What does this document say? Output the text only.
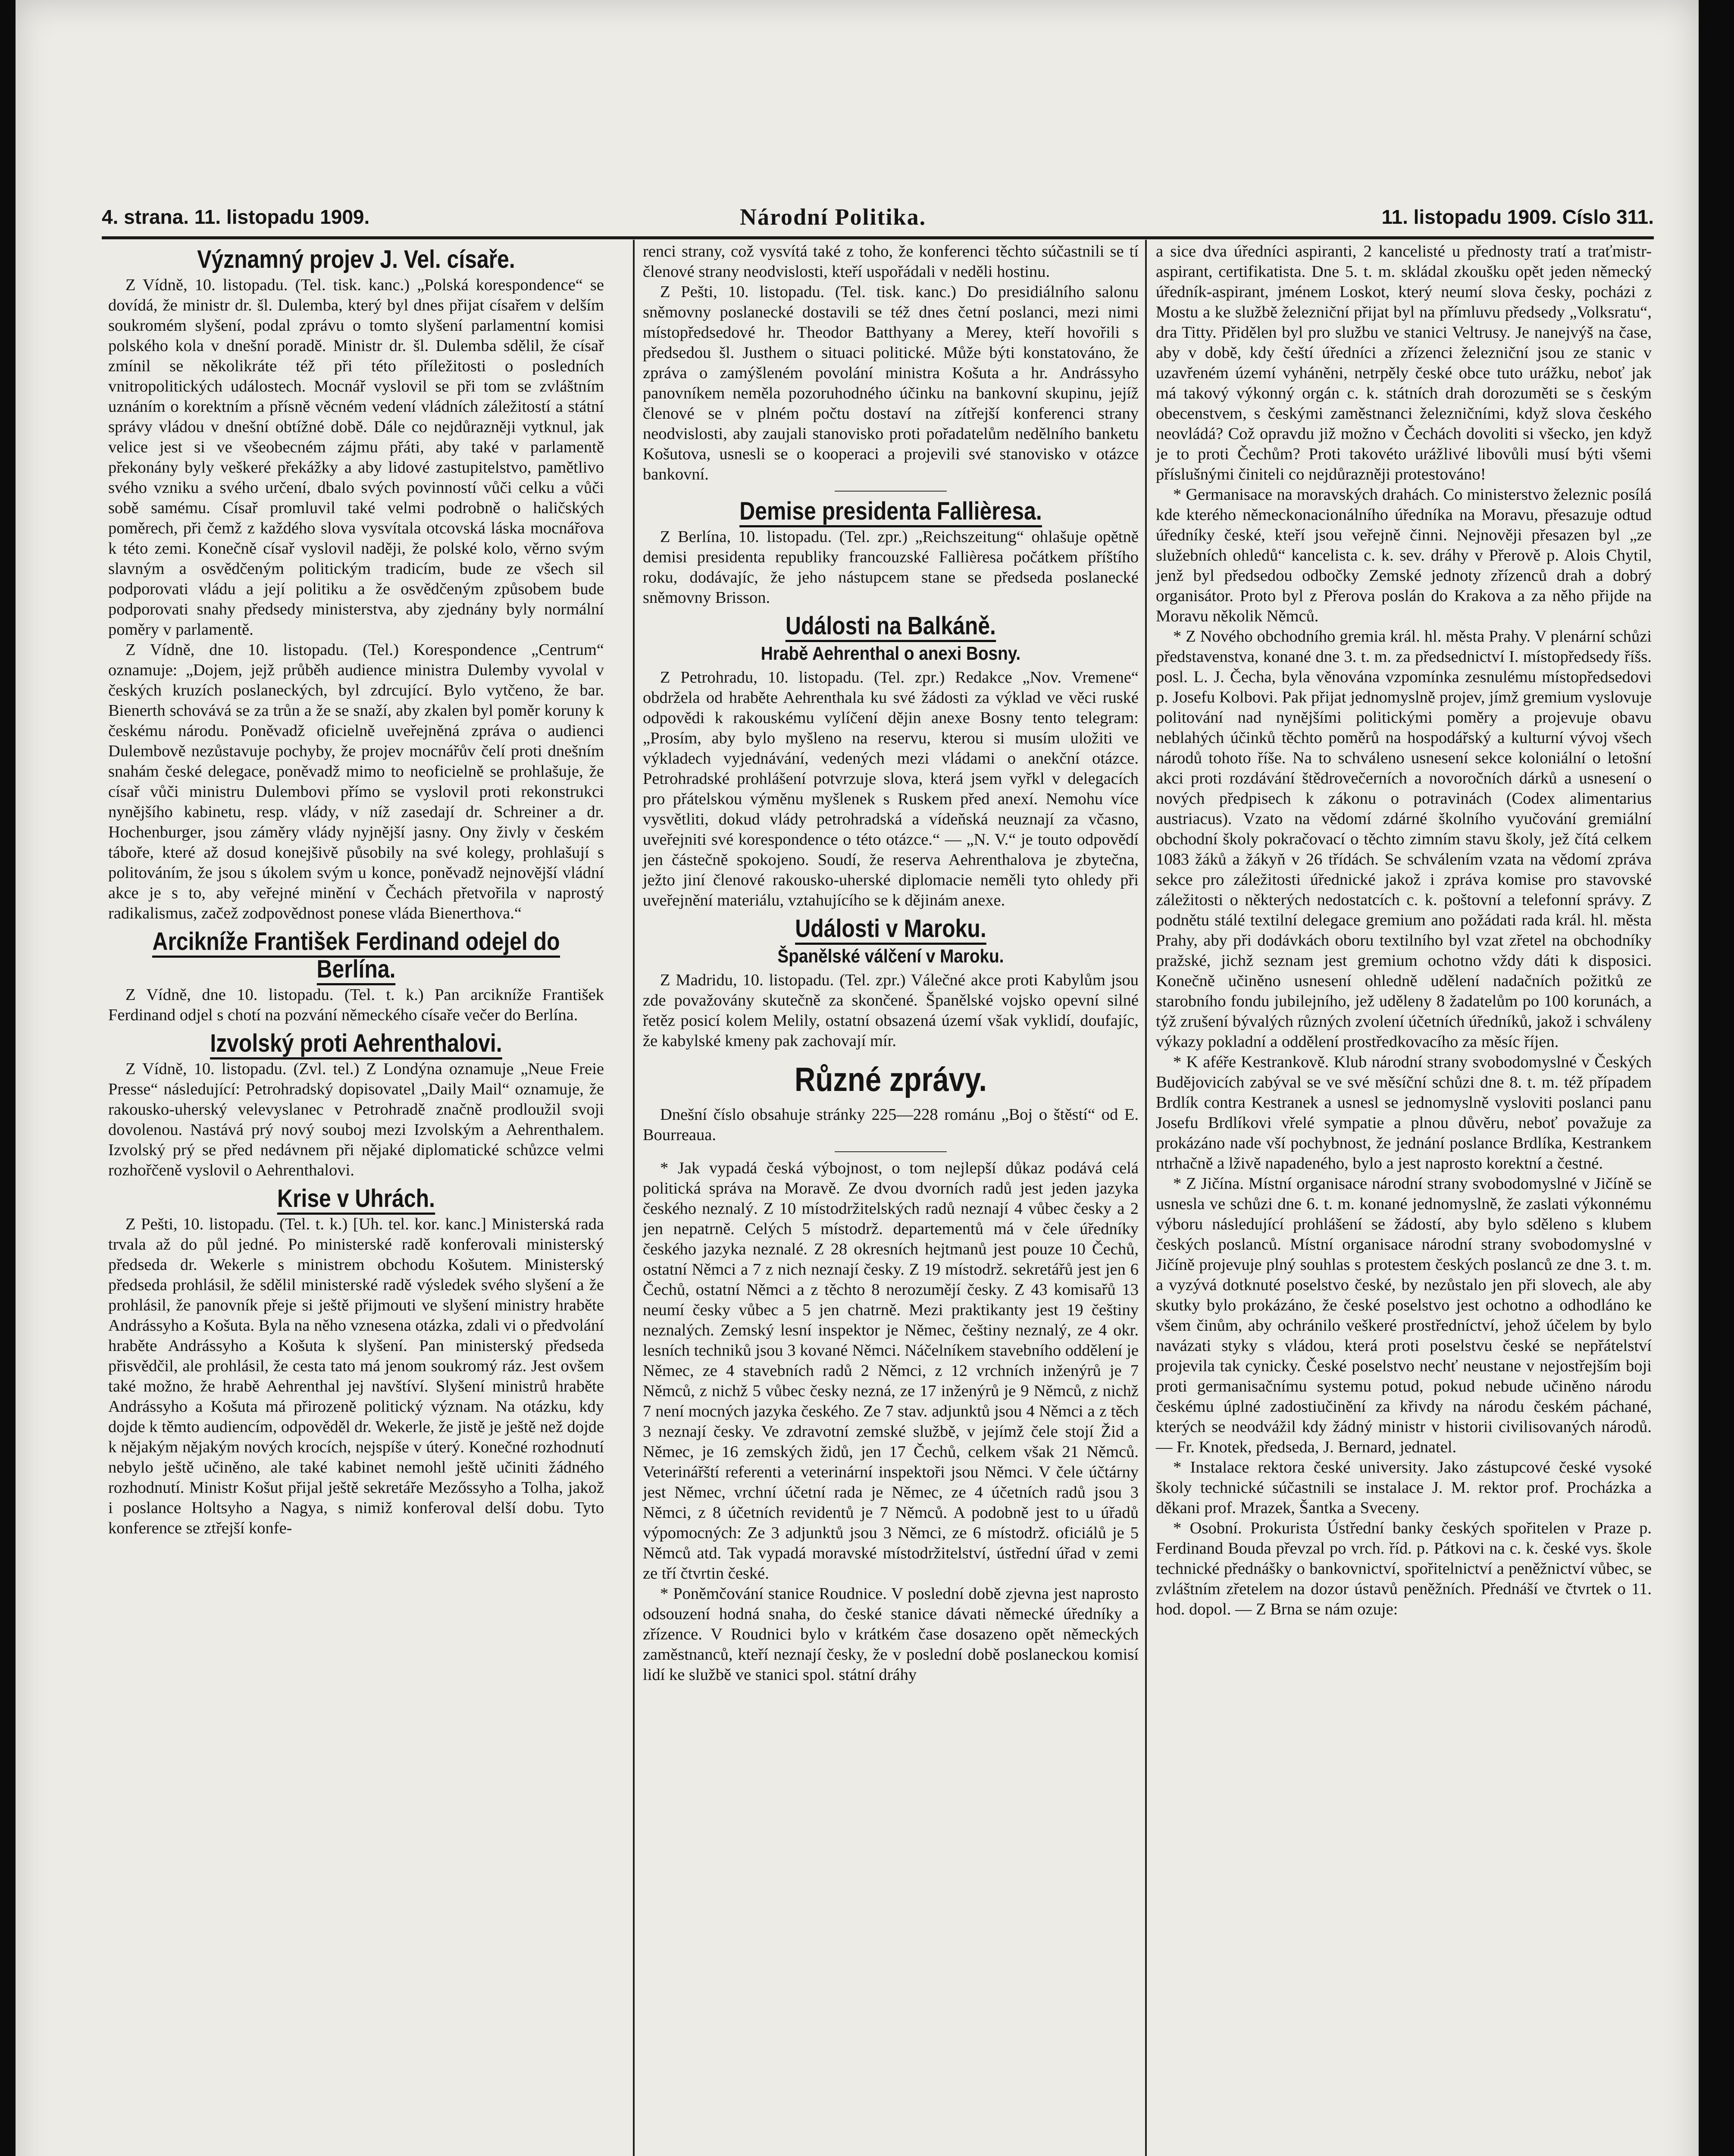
4. strana. 11. listopadu 1909.	Národní Politika.	11. listopadu 1909. Císlo 311.
Významný projev J. Vel. císaře.

Z Vídně, 10. listopadu. (Tel. tisk. kanc.) „Polská korespondence“ se dovídá, že ministr dr. šl. Dulemba, který byl dnes přijat císařem v delším soukromém slyšení, podal zprávu o tomto slyšení parlamentní komisi polského kola v dnešní poradě. Ministr dr. šl. Dulemba sdělil, že císař zmínil se několikráte též při této příležitosti o posledních vnitropolitických událostech. Mocnář vyslovil se při tom se zvláštním uznáním o korektním a přísně věcném vedení vládních záležitostí a státní správy vládou v dnešní obtížné době. Dále co nejdůrazněji vytknul, jak velice jest si ve všeobecném zájmu přáti, aby také v parlamentě překonány byly veškeré překážky a aby lidové zastupitelstvo, pamětlivo svého vzniku a svého určení, dbalo svých povinností vůči celku a vůči sobě samému. Císař promluvil také velmi podrobně o haličských poměrech, při čemž z každého slova vysvítala otcovská láska mocnářova k této zemi. Konečně císař vyslovil naději, že polské kolo, věrno svým slavným a osvědčeným politickým tradicím, bude ze všech sil podporovati vládu a její politiku a že osvědčeným způsobem bude podporovati snahy předsedy ministerstva, aby zjednány byly normální poměry v parlamentě.

Z Vídně, dne 10. listopadu. (Tel.) Korespondence „Centrum“ oznamuje: „Dojem, jejž průběh audience ministra Dulemby vyvolal v českých kruzích poslaneckých, byl zdrcující. Bylo vytčeno, že bar. Bienerth schovává se za trůn a že se snaží, aby zkalen byl poměr koruny k českému národu. Poněvadž oficielně uveřejněná zpráva o audienci Dulembově nezůstavuje pochyby, že projev mocnářův čelí proti dnešním snahám české delegace, poněvadž mimo to neoficielně se prohlašuje, že císař vůči ministru Dulembovi přímo se vyslovil proti rekonstrukci nynějšího kabinetu, resp. vlády, v níž zasedají dr. Schreiner a dr. Hochenburger, jsou záměry vlády nyjnější jasny. Ony živly v českém táboře, které až dosud konejšivě působily na své kolegy, prohlašují s politováním, že jsou s úkolem svým u konce, poněvadž nejnovější vládní akce je s to, aby veřejné minění v Čechách přetvořila v naprostý radikalismus, začež zodpovědnost ponese vláda Bienerthova.“

Arcikníže František Ferdinand odejel do Berlína.

Z Vídně, dne 10. listopadu. (Tel. t. k.) Pan arcikníže František Ferdinand odjel s chotí na pozvání německého císaře večer do Berlína.

Izvolský proti Aehrenthalovi.

Z Vídně, 10. listopadu. (Zvl. tel.) Z Londýna oznamuje „Neue Freie Presse“ následující: Petrohradský dopisovatel „Daily Mail“ oznamuje, že rakousko-uherský velevyslanec v Petrohradě značně prodloužil svoji dovolenou. Nastává prý nový souboj mezi Izvolským a Aehrenthalem. Izvolský prý se před nedávnem při nějaké diplomatické schůzce velmi rozhořčeně vyslovil o Aehrenthalovi.

Krise v Uhrách.

Z Pešti, 10. listopadu. (Tel. t. k.) [Uh. tel. kor. kanc.] Ministerská rada trvala až do půl jedné. Po ministerské radě konferovali ministerský předseda dr. Wekerle s ministrem obchodu Košutem. Ministerský předseda prohlásil, že sdělil ministerské radě výsledek svého slyšení a že prohlásil, že panovník přeje si ještě přijmouti ve slyšení ministry hraběte Andrássyho a Košuta. Byla na něho vznesena otázka, zdali vi o předvolání hraběte Andrássyho a Košuta k slyšení. Pan ministerský předseda přisvědčil, ale prohlásil, že cesta tato má jenom soukromý ráz. Jest ovšem také možno, že hrabě Aehrenthal jej navštíví. Slyšení ministrů hraběte Andrássyho a Košuta má přirozeně politický význam. Na otázku, kdy dojde k těmto audiencím, odpověděl dr. Wekerle, že jistě je ještě než dojde k nějakým nějakým nových krocích, nejspíše v úterý. Konečné rozhodnutí nebylo ještě učiněno, ale také kabinet nemohl ještě učiniti žádného rozhodnutí. Ministr Košut přijal ještě sekretáře Mezőssyho a Tolha, jakož i poslance Holtsyho a Nagya, s nimiž konferoval delší dobu. Tyto konference se ztřejší konfe-

renci strany, což vysvítá také z toho, že konferenci těchto súčastnili se tí členové strany neodvislosti, kteří uspořádali v neděli hostinu.

Z Pešti, 10. listopadu. (Tel. tisk. kanc.) Do presidiálního salonu sněmovny poslanecké dostavili se též dnes četní poslanci, mezi nimi místopředsedové hr. Theodor Batthyany a Merey, kteří hovořili s předsedou šl. Justhem o situaci politické. Může býti konstatováno, že zpráva o zamýšleném povolání ministra Košuta a hr. Andrássyho panovníkem neměla pozoruhodného účinku na bankovní skupinu, jejíž členové se v plném počtu dostaví na zítřejší konferenci strany neodvislosti, aby zaujali stanovisko proti pořadatelům nedělního banketu Košutova, usnesli se o kooperaci a projevili své stanovisko v otázce bankovní.

Demise presidenta Fallièresa.

Z Berlína, 10. listopadu. (Tel. zpr.) „Reichszeitung“ ohlašuje opětně demisi presidenta republiky francouzské Fallièresa počátkem příštího roku, dodávajíc, že jeho nástupcem stane se předseda poslanecké sněmovny Brisson.

Události na Balkáně.
Hrabě Aehrenthal o anexi Bosny.

Z Petrohradu, 10. listopadu. (Tel. zpr.) Redakce „Nov. Vremene“ obdržela od hraběte Aehrenthala ku své žádosti za výklad ve věci ruské odpovědi k rakouskému vylíčení dějin anexe Bosny tento telegram: „Prosím, aby bylo myšleno na reservu, kterou si musím uložiti ve výkladech vyjednávání, vedených mezi vládami o anekční otázce. Petrohradské prohlášení potvrzuje slova, která jsem vyřkl v delegacích pro přátelskou výměnu myšlenek s Ruskem před anexí. Nemohu více vysvětliti, dokud vlády petrohradská a vídeňská neuznají za včasno, uveřejniti své korespondence o této otázce.“ — „N. V.“ je touto odpovědí jen částečně spokojeno. Soudí, že reserva Aehrenthalova je zbytečna, ježto jiní členové rakousko-uherské diplomacie neměli tyto ohledy při uveřejnění materiálu, vztahujícího se k dějinám anexe.

Události v Maroku.
Španělské válčení v Maroku.

Z Madridu, 10. listopadu. (Tel. zpr.) Válečné akce proti Kabylům jsou zde považovány skutečně za skončené. Španělské vojsko opevní silné řetěz posicí kolem Melily, ostatní obsazená území však vyklidí, doufajíc, že kabylské kmeny pak zachovají mír.

Různé zprávy.

Dnešní číslo obsahuje stránky 225—228 románu „Boj o štěstí“ od E. Bourreaua.

* Jak vypadá česká výbojnost, o tom nejlepší důkaz podává celá politická správa na Moravě. Ze dvou dvorních radů jest jeden jazyka českého neznalý. Z 10 místodržitelských radů neznají 4 vůbec česky a 2 jen nepatrně. Celých 5 místodrž. departementů má v čele úředníky českého jazyka neznalé. Z 28 okresních hejtmanů jest pouze 10 Čechů, ostatní Němci a 7 z nich neznají česky. Z 19 místodrž. sekretářů jest jen 6 Čechů, ostatní Němci a z těchto 8 nerozumějí česky. Z 43 komisařů 13 neumí česky vůbec a 5 jen chatrně. Mezi praktikanty jest 19 češtiny neznalých. Zemský lesní inspektor je Němec, češtiny neznalý, ze 4 okr. lesních techniků jsou 3 kované Němci. Náčelníkem stavebního oddělení je Němec, ze 4 stavebních radů 2 Němci, z 12 vrchních inženýrů je 7 Němců, z nichž 5 vůbec česky nezná, ze 17 inženýrů je 9 Němců, z nichž 7 není mocných jazyka českého. Ze 7 stav. adjunktů jsou 4 Němci a z těch 3 neznají česky. Ve zdravotní zemské službě, v jejímž čele stojí Žid a Němec, je 16 zemských židů, jen 17 Čechů, celkem však 21 Němců. Veterinářští referenti a veterinární inspektoři jsou Němci. V čele účtárny jest Němec, vrchní účetní rada je Němec, ze 4 účetních radů jsou 3 Němci, z 8 účetních revidentů je 7 Němců. A podobně jest to u úřadů výpomocných: Ze 3 adjunktů jsou 3 Němci, ze 6 místodrž. oficiálů je 5 Němců atd. Tak vypadá moravské místodržitelství, ústřední úřad v zemi ze tří čtvrtin české.

* Poněmčování stanice Roudnice. V poslední době zjevna jest naprosto odsouzení hodná snaha, do české stanice dávati německé úředníky a zřízence. V Roudnici bylo v krátkém čase dosazeno opět německých zaměstnanců, kteří neznají česky, že v poslední době poslaneckou komisí lidí ke službě ve stanici spol. státní dráhy

a sice dva úředníci aspiranti, 2 kancelisté u přednosty tratí a traťmistr-aspirant, certifikatista. Dne 5. t. m. skládal zkoušku opět jeden německý úředník-aspirant, jménem Loskot, který neumí slova česky, pocházi z Mostu a ke službě železniční přijat byl na přímluvu předsedy „Volksratu“, dra Titty. Přidělen byl pro službu ve stanici Veltrusy. Je nanejvýš na čase, aby v době, kdy čeští úředníci a zřízenci železniční jsou ze stanic v uzavřeném území vyháněni, netrpěly české obce tuto urážku, neboť jak má takový výkonný orgán c. k. státních drah dorozuměti se s českým obecenstvem, s českými zaměstnanci železničními, když slova českého neovládá? Což opravdu již možno v Čechách dovoliti si všecko, jen když je to proti Čechům? Proti takovéto urážlivé libovůli musí býti všemi příslušnými činiteli co nejdůrazněji protestováno!

* Germanisace na moravských drahách. Co ministerstvo železnic posílá kde kterého německonacionálního úředníka na Moravu, přesazuje odtud úředníky české, kteří jsou veřejně činni. Nejnověji přesazen byl „ze služebních ohledů“ kancelista c. k. sev. dráhy v Přerově p. Alois Chytil, jenž byl předsedou odbočky Zemské jednoty zřízenců drah a dobrý organisátor. Proto byl z Přerova poslán do Krakova a za něho přijde na Moravu několik Němců.

* Z Nového obchodního gremia král. hl. města Prahy. V plenární schůzi představenstva, konané dne 3. t. m. za předsednictví I. místopředsedy říšs. posl. L. J. Čecha, byla věnována vzpomínka zesnulému místopředsedovi p. Josefu Kolbovi. Pak přijat jednomyslně projev, jímž gremium vyslovuje politování nad nynějšími politickými poměry a projevuje obavu neblahých účinků těchto poměrů na hospodářský a kulturní vývoj všech národů tohoto říše. Na to schváleno usnesení sekce koloniální o letošní akci proti rozdávání štědrovečerních a novoročních dárků a usnesení o nových předpisech k zákonu o potravinách (Codex alimentarius austriacus). Vzato na vědomí zdárné školního vyučování gremiální obchodní školy pokračovací o těchto zimním stavu školy, jež čítá celkem 1083 žáků a žákyň v 26 třídách. Se schválením vzata na vědomí zpráva sekce pro záležitosti úřednické jakož i zpráva komise pro stavovské záležitosti o některých nedostatcích c. k. poštovní a telefonní správy. Z podnětu stálé textilní delegace gremium ano požádati rada král. hl. města Prahy, aby při dodávkách oboru textilního byl vzat zřetel na obchodníky pražské, jichž seznam jest gremium ochotno vždy dáti k disposici. Konečně učiněno usnesení ohledně udělení nadačních požitků ze starobního fondu jubilejního, jež uděleny 8 žadatelům po 100 korunách, a týž zrušení bývalých různých zvolení účetních úředníků, jakož i schváleny výkazy pokladní a oddělení prostředkovacího za měsíc říjen.

* K aféře Kestrankově. Klub národní strany svobodomyslné v Českých Budějovicích zabýval se ve své měsíční schůzi dne 8. t. m. též případem Brdlík contra Kestranek a usnesl se jednomyslně vysloviti poslanci panu Josefu Brdlíkovi vřelé sympatie a plnou důvěru, neboť považuje za prokázáno nade vší pochybnost, že jednání poslance Brdlíka, Kestrankem ntrhačně a lživě napadeného, bylo a jest naprosto korektní a čestné.

* Z Jičína. Místní organisace národní strany svobodomyslné v Jičíně se usnesla ve schůzi dne 6. t. m. konané jednomyslně, že zaslati výkonnému výboru následující prohlášení se žádostí, aby bylo sděleno s klubem českých poslanců. Místní organisace národní strany svobodomyslné v Jičíně projevuje plný souhlas s protestem českých poslanců ze dne 3. t. m. a vyzývá dotknuté poselstvo české, by nezůstalo jen při slovech, ale aby skutky bylo prokázáno, že české poselstvo jest ochotno a odhodláno ke všem činům, aby ochránilo veškeré prostředníctví, jehož účelem by bylo navázati styky s vládou, která proti poselstvu české se nepřátelství projevila tak cynicky. České poselstvo nechť neustane v nejostřejším boji proti germanisačnímu systemu potud, pokud nebude učiněno národu českému úplné zadostiučinění za křivdy na národu českém páchané, kterých se neodvážil kdy žádný ministr v historii civilisovaných národů. — Fr. Knotek, předseda, J. Bernard, jednatel.

* Instalace rektora české university. Jako zástupcové české vysoké školy technické súčastnili se instalace J. M. rektor prof. Procházka a děkani prof. Mrazek, Šantka a Sveceny.

* Osobní. Prokurista Ústřední banky českých spořitelen v Praze p. Ferdinand Bouda převzal po vrch. říd. p. Pátkovi na c. k. české vys. škole technické přednášky o bankovnictví, spořitelnictví a peněžnictví vůbec, se zvláštním zřetelem na dozor ústavů peněžních. Přednáší ve čtvrtek o 11. hod. dopol. — Z Brna se nám ozuje:
